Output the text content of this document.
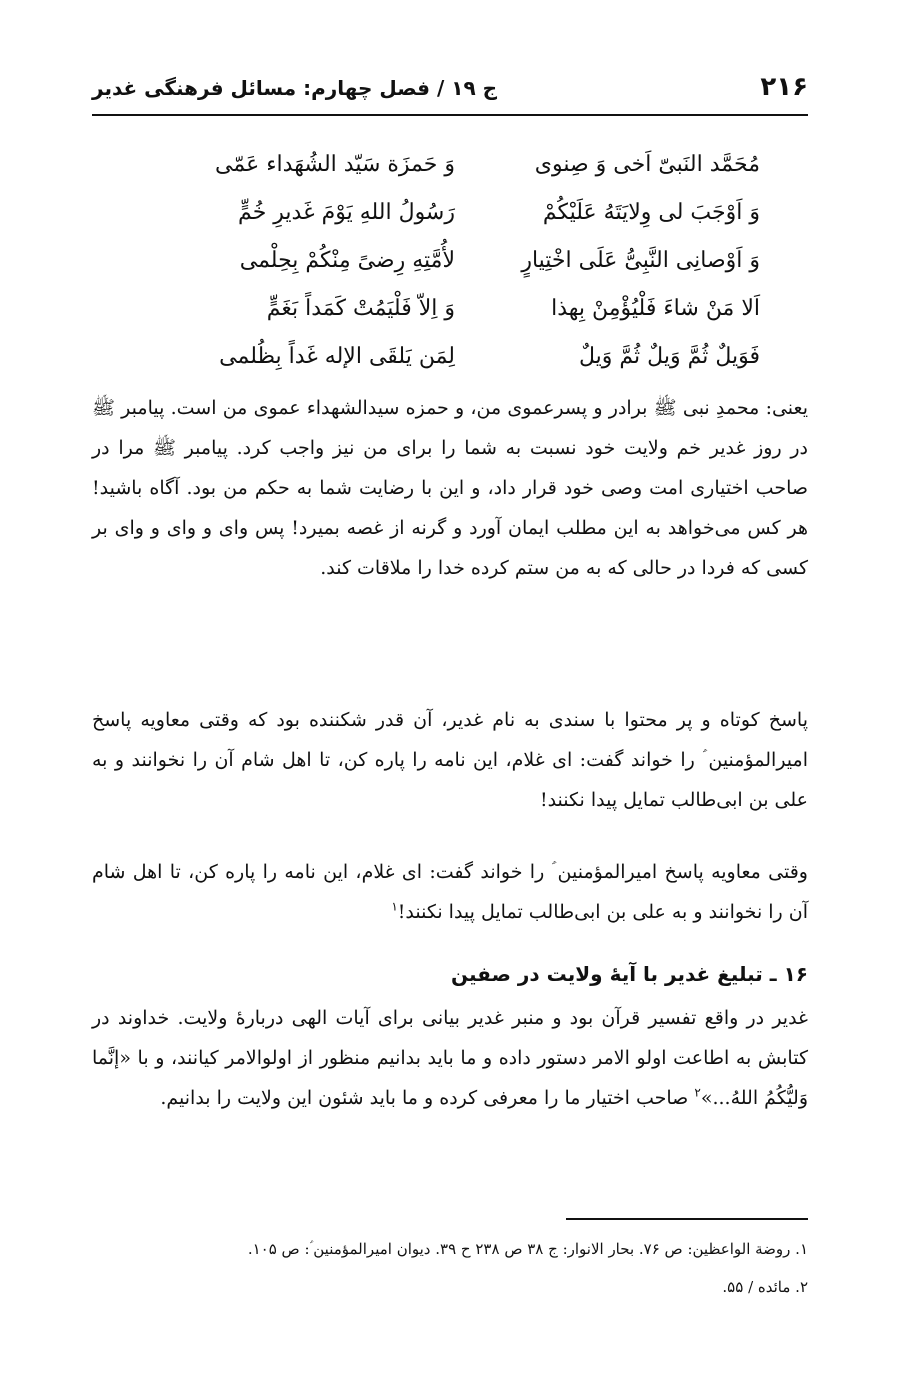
۲۱۶
ج ۱۹ / فصل چهارم: مسائل فرهنگی غدیر
مُحَمَّد النَبیّ اَخی وَ صِنوی
وَ حَمزَة سَیّد الشُهَداء عَمّی
وَ اَوْجَبَ لی وِلایَتَهُ عَلَیْکُمْ
رَسُولُ اللهِ یَوْمَ غَدیرِ خُمٍّ
وَ اَوْصانِی النَّبِیُّ عَلَی اخْتِیارٍ
لأُمَّتِهِ رِضیً مِنْکُمْ بِحِلْمی
اَلا مَنْ شاءَ فَلْیُؤْمِنْ بِهذا
وَ اِلاّ فَلْیَمُتْ کَمَداً بَغَمٍّ
فَوَیلٌ ثُمَّ وَیلٌ ثُمَّ وَیلٌ
لِمَن یَلقَی الإله غَداً بِظُلمی

یعنی: محمدِ نبی ﷺ برادر و پسرعموی من، و حمزه سیدالشهداء عموی من است. پیامبر ﷺ در روز غدیر خم ولایت خود نسبت به شما را برای من نیز واجب کرد. پیامبر ﷺ مرا در صاحب اختیاری امت وصی خود قرار داد، و این با رضایت شما به حکم من بود. آگاه باشید! هر کس می‌خواهد به این مطلب ایمان آورد و گرنه از غصه بمیرد! پس وای و وای و وای بر کسی که فردا در حالی که به من ستم کرده خدا را ملاقات کند.

پاسخ کوتاه و پر محتوا با سندی به نام غدیر، آن قدر شکننده بود که وقتی معاویه پاسخ امیرالمؤمنین ؑ را خواند گفت: ای غلام، این نامه را پاره کن، تا اهل شام آن را نخوانند و به علی بن ابی‌طالب تمایل پیدا نکنند!

وقتی معاویه پاسخ امیرالمؤمنین ؑ را خواند گفت: ای غلام، این نامه را پاره کن، تا اهل شام آن را نخوانند و به علی بن ابی‌طالب تمایل پیدا نکنند!$^۱$

۱۶ ـ تبلیغ غدیر با آیهٔ ولایت در صفین

غدیر در واقع تفسیر قرآن بود و منبر غدیر بیانی برای آیات الهی دربارهٔ ولایت. خداوند در کتابش به اطاعت اولو الامر دستور داده و ما باید بدانیم منظور از اولوالامر کیانند، و با «إنَّما وَلیُّکُمُ اللهُ...»$^۲$ صاحب اختیار ما را معرفی کرده و ما باید شئون این ولایت را بدانیم.

۱. روضة الواعظین: ص ۷۶. بحار الانوار: ج ۳۸ ص ۲۳۸ ح ۳۹. دیوان امیرالمؤمنین ؑ: ص ۱۰۵.

۲. مائده / ۵۵.
